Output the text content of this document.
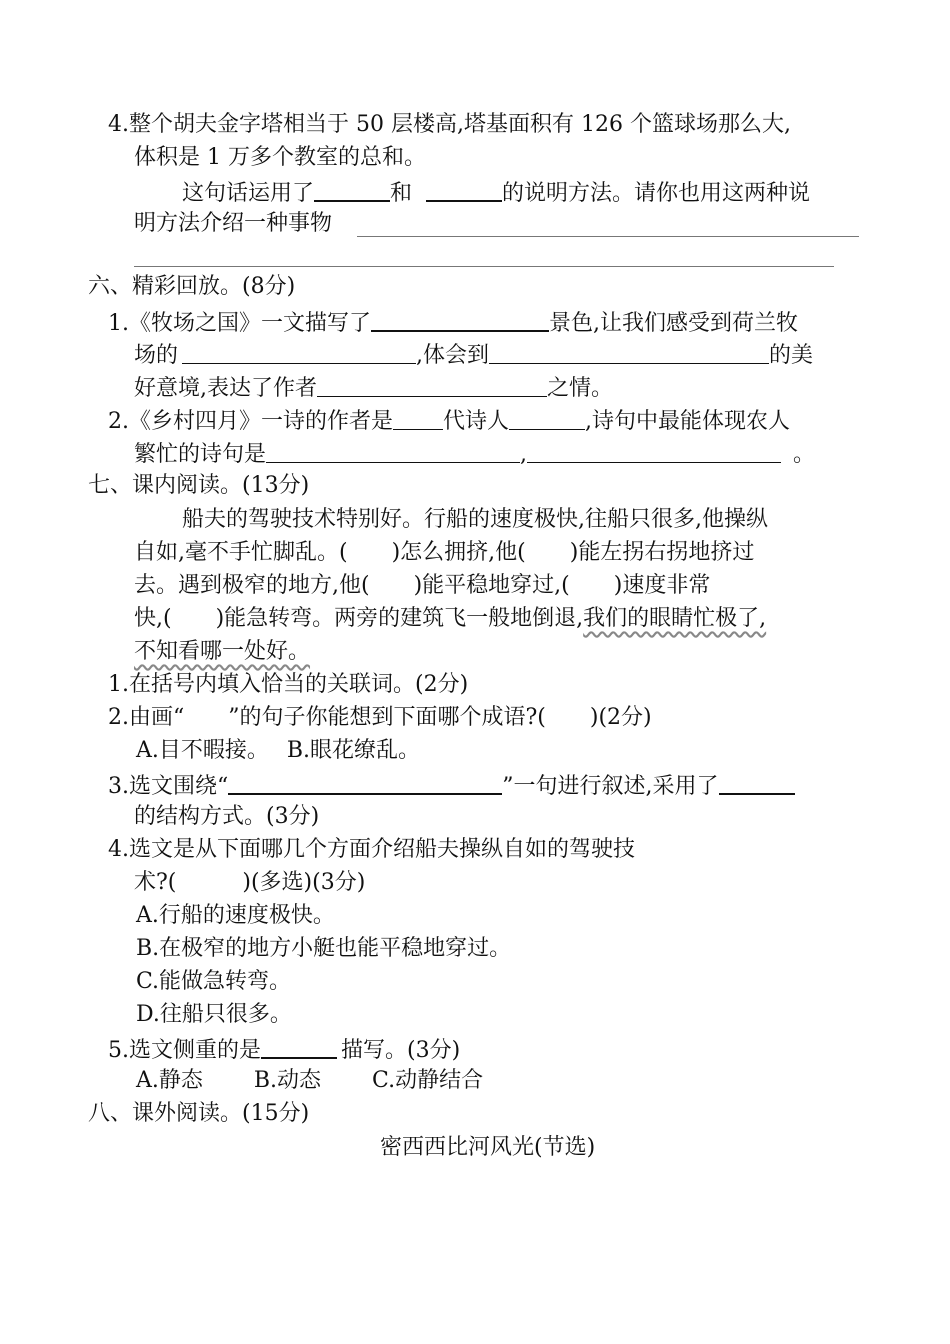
4.整个胡夫金字塔相当于 50 层楼高,塔基面积有 126 个篮球场那么大,
体积是 1 万多个教室的总和。
这句话运用了	和	的说明方法。请你也用这两种说
明方法介绍一种事物
六、精彩回放。(8分)
1.《牧场之国》一文描写了	景色,让我们感受到荷兰牧
场的	,体会到	的美
好意境,表达了作者	之情。
2.《乡村四月》一诗的作者是 代诗人	,诗句中最能体现农人
繁忙的诗句是	,	。
七、课内阅读。(13分)
船夫的驾驶技术特别好。行船的速度极快,往船只很多,他操纵
自如,毫不手忙脚乱。(　　)怎么拥挤,他(　　)能左拐右拐地挤过
去。遇到极窄的地方,他(　　)能平稳地穿过,(　　)速度非常
快,(　　)能急转弯。两旁的建筑飞一般地倒退,我们的眼睛忙极了,
不知看哪一处好。
1.在括号内填入恰当的关联词。(2分)
2.由画“　　”的句子你能想到下面哪个成语?(　　)(2分)
A.目不暇接。　 B.眼花缭乱。
3.选文围绕“	”一句进行叙述,采用了
的结构方式。(3分)
4.选文是从下面哪几个方面介绍船夫操纵自如的驾驶技
术?(　　　)(多选)(3分)
A.行船的速度极快。
B.在极窄的地方小艇也能平稳地穿过。
C.能做急转弯。
D.往船只很多。
5.选文侧重的是	描写。(3分)
A.静态　　 B.动态　　 C.动静结合
八、课外阅读。(15分)
密西西比河风光(节选)
